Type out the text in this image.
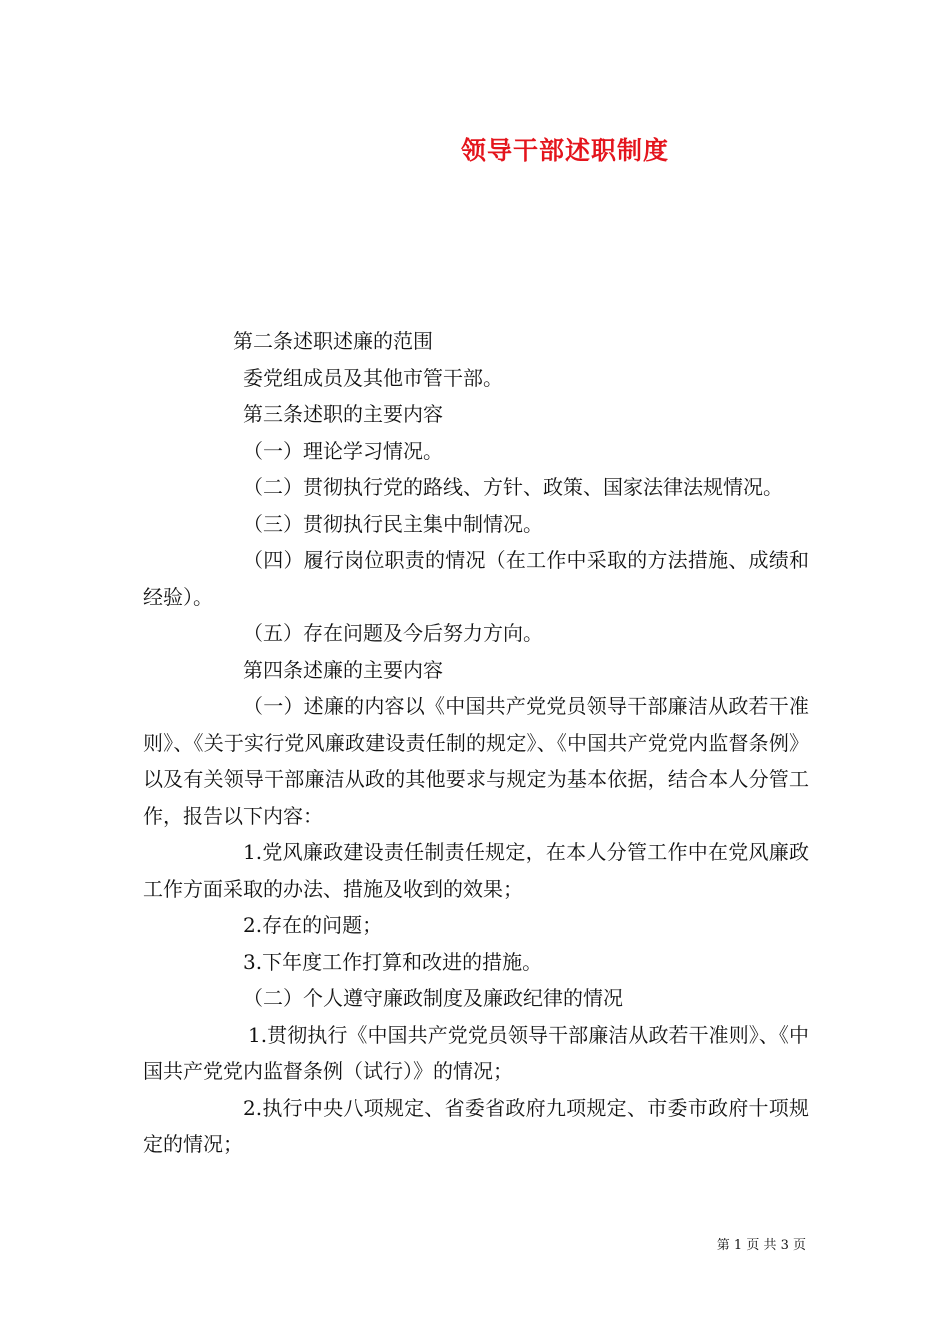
领导干部述职制度

第二条述职述廉的范围

委党组成员及其他市管干部。

第三条述职的主要内容

（一）理论学习情况。

（二）贯彻执行党的路线、方针、政策、国家法律法规情况。

（三）贯彻执行民主集中制情况。

（四）履行岗位职责的情况（在工作中采取的方法措施、成绩和经验）。

（五）存在问题及今后努力方向。

第四条述廉的主要内容

（一）述廉的内容以《中国共产党党员领导干部廉洁从政若干准则》、《关于实行党风廉政建设责任制的规定》、《中国共产党党内监督条例》以及有关领导干部廉洁从政的其他要求与规定为基本依据，结合本人分管工作，报告以下内容：

1.党风廉政建设责任制责任规定，在本人分管工作中在党风廉政工作方面采取的办法、措施及收到的效果；

2.存在的问题；

3.下年度工作打算和改进的措施。

（二）个人遵守廉政制度及廉政纪律的情况

1.贯彻执行《中国共产党党员领导干部廉洁从政若干准则》、《中国共产党党内监督条例（试行）》的情况；

2.执行中央八项规定、省委省政府九项规定、市委市政府十项规定的情况；

第 1 页 共 3 页
